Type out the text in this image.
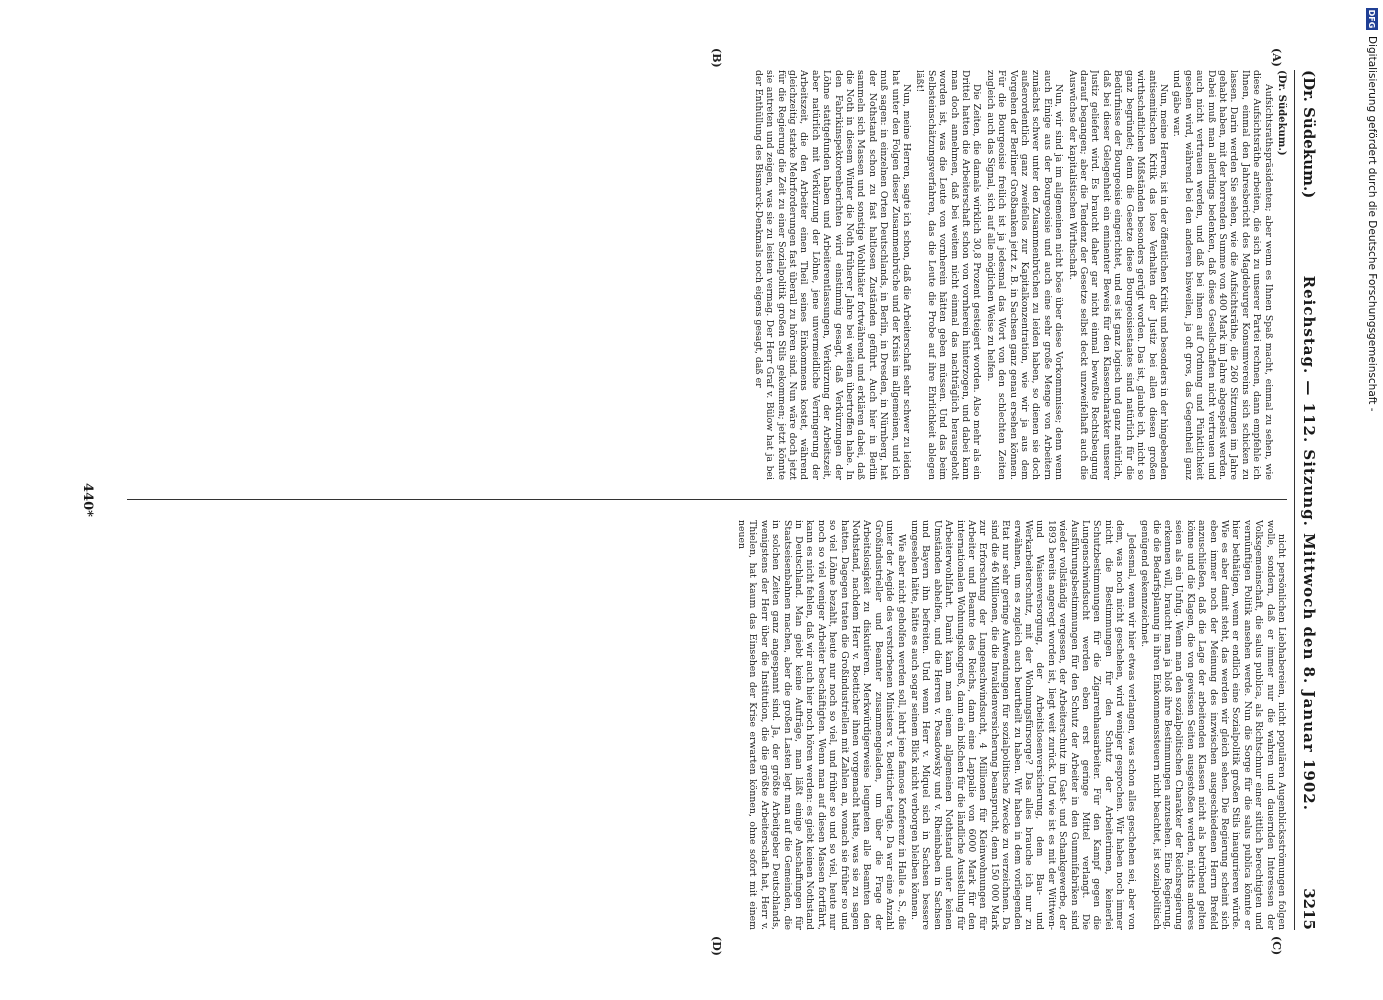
DFG
Digitalisierung gefördert durch die Deutsche Forschungsgemeinschaft -
(Dr. Südekum.)
Reichstag. — 112. Sitzung. Mittwoch den 8. Januar 1902.
3215
(A)
(B)
(C)
(D)
(Dr. Südekum.)

Aufsichtsrathspräsidenten; aber wenn es Ihnen Spaß macht, einmal zu sehen, wie diese Aufsichtsräthe arbeiten, die sich zu unserer Partei rechnen, dann empfehle ich Ihnen, einmal den Jahresbericht des Magdeburger Konsumvereins sich schicken zu lassen. Darin werden Sie sehen, wie die Aufsichtsräthe, die 260 Sitzungen im Jahre gehabt haben, mit der horrenden Summe von 400 Mark im Jahre abgespeist werden. Dabei muß man allerdings bedenken, daß diese Gesellschaften nicht vertrauen und auch nicht vertrauen werden, und daß bei ihnen auf Ordnung und Pünktlichkeit gesehen wird, während bei den anderen bisweilen, ja oft gros, das Gegentheil ganz und gäbe war.

Nun, meine Herren, ist in der öffentlichen Kritik und besonders in der hingebenden antisemitischen Kritik das lose Verhalten der Justiz bei allen diesen großen wirthschaftlichen Mißständen besonders gerügt worden. Das ist, glaube ich, nicht so ganz begründet; denn die Gesetze diese Bourgeoisiestaates sind natürlich für die Bedürfnisse der Bourgeoisie eingerichtet, und es ist ganz logisch und ganz natürlich, daß bei dieser Gelegenheit ein eminenter Beweis für den Klassencharakter unserer Justiz geliefert wird. Es braucht daher gar nicht einmal bewußte Rechtsbeugung darauf begangen; aber die Tendenz der Gesetze selbst deckt unzweifelhaft auch die Auswüchse der kapitalistischen Wirthschaft.

Nun, wir sind ja im allgemeinen nicht böse über diese Vorkommnisse; denn wenn auch Einige aus der Bourgeoisie und auch eine sehr große Menge von Arbeitern zunächst schwer unter den Zusammenbrüchen zu leiden haben, so dienen sie doch außerordentlich ganz zweifellos zur Kapitalkonzentration, wie wir ja aus dem Vorgehen der Berliner Großbanken jetzt z. B. in Sachsen ganz genau ersehen können. Für die Bourgeoisie freilich ist ja jedesmal das Wort von den schlechten Zeiten zugleich auch das Signal, sich auf alle möglichen Weise zu helfen.

Die Zeiten, die damals wirklich 30,8 Prozent gesteigert worden. Also mehr als ein Drittel hatten die Arbeiterschaft schon von vornherein hinterzogen, und dabei kann man doch annehmen, daß bei weitem nicht einmal das nachträglich herausgeholt worden ist, was die Leute von vornherein hätten geben müssen. Und das beim Selbsteinschätzungsverfahren, das die Leute die Probe auf ihre Ehrlichkeit ablegen läßt!

Nun, meine Herren, sagte ich schon, daß die Arbeiterschaft sehr schwer zu leiden hat unter den Folgen dieser Zusammenbrüche und der Krisis im allgemeinen, und ich muß sagen: in einzelnen Orten Deutschlands, in Berlin, in Dresden, in Nürnberg, hat der Nothstand schon zu fast haltlosen Zuständen geführt. Auch hier in Berlin sammeln sich Massen und sonstige Wohlthäter fortwährend und erklären dabei, daß die Noth in diesem Winter die Noth früherer Jahre bei weitem übertroffen habe. In den Fabrikinspektorenberichten wird einstimmig gesagt, daß Verkürzungen der Löhne stattgefunden haben und Arbeiterentlassungen, Verkürzung der Arbeitszeit, aber natürlich mit Verkürzung der Löhne, jene unvermeidliche Verringerung der Arbeitszeit, die den Arbeiter einen Theil seines Einkommens kostet, während gleichzeitig starke Mehrforderungen fast überall zu hören sind. Nun wäre doch jetzt für die Regierung die Zeit zu einer Sozialpolitik großen Stils gekommen; jetzt könnte sie antreten und zeigen, was sie zu leisten vermag. Der Herr Graf v. Bülow hat ja bei der Enthüllung des Bismarck-Denkmals noch eigens gesagt, daß er

nicht persönlichen Liebhabereien, nicht populären Augenblicksströmungen folgen wolle, sondern, daß er immer nur die wahren und dauernden Interessen der Volksgemeinschaft, die salus publica, als Richtschnur einer sittlich berechtigten und vernünftigen Politik ansehen werde. Nun die Sorge für die salus publica könnte er hier bethätigen, wenn er endlich eine Sozialpolitik großen Stils inaugurieren würde. Wie es aber damit steht, das werden wir gleich sehen. Die Regierung scheint sich eben immer noch der Meinung des inzwischen ausgeschiedenen Herrn Brefeld anzuschließen, daß die Lage der arbeitenden Klassen nicht als betrübend gelten könne und die Klagen, die von gewissen Seiten ausgestoßen werden, nichts anderes seien als ein Unfug. Wenn man den sozialpolitischen Charakter der Reichsregierung erkennen will, braucht man ja bloß ihre Bestimmungen anzusehen. Eine Regierung, die die Bedarfsplanung in ihren Einkommenssteuern nicht beachtet, ist sozialpolitisch genügend gekennzeichnet.

Jedesmal, wenn wir hier etwas verlangen, was schon alles geschehen sei, aber von dem, was noch nicht geschehen, wird weniger gesprochen. Wir haben noch immer nicht die Bestimmungen für den Schutz der Arbeiterinnen, keinerlei Schutzbestimmungen für die Zigarrenhausarbeiter. Für den Kampf gegen die Lungenschwindsucht werden eben erst geringe Mittel verlangt. Die Ausführungsbestimmungen für den Schutz der Arbeiter in den Gummifabriken sind wieder vollständig vergessen, der Arbeiterschutz im Gast- und Schankgewerbe, der 1893 bereits angeregt worden ist, liegt weit zurück. Und wie ist es mit der Wittwen- und Waisenversorgung, der Arbeitslosenversicherung, dem Bau- und Werkarbeiterschutz, mit der Wohnungsfürsorge? Das alles brauche ich nur zu erwähnen, um es zugleich auch beurtheilt zu haben. Wir haben in dem vorliegenden Etat nur sehr geringe Aufwendungen für sozialpolitische Zwecke zu verzeichnen. Da sind die 46 Millionen, die die Invalidenversicherung beansprucht, denn 150 000 Mark zur Erforschung der Lungenschwindsucht, 4 Millionen für Kleinwohnungen für Arbeiter und Beamte des Reichs, dann eine Lappalie von 6000 Mark für den internationalen Wohnungskongreß, dann ein bißchen für die ländliche Ausstellung für Arbeiterwohlfahrt. Damit kann man einem allgemeinen Nothstand unter keinen Umständen abhelfen, und die Herren v. Posadowsky und v. Rheinbaben in Sachsen und Bayern ihn befreiten. Und wenn Herr v. Miquel sich in Sachsen bessere umgesehen hätte, hätte es auch sogar seinem Blick nicht verborgen bleiben können.

Wie aber nicht geholfen werden soll, lehrt jene famose Konferenz in Halle a. S., die unter der Aegide des verstorbenen Ministers v. Boetticher tagte. Da war eine Anzahl Großindustrieller und Beamter zusammengeladen, um über die Frage der Arbeitslosigkeit zu diskutieren. Merkwürdigerweise leugneten alle Beamten den Nothstand, nachdem Herr v. Boetticher ihnen vorgemacht hatte, was sie zu sagen hatten. Dagegen traten die Großindustriellen mit Zahlen an, wonach sie früher so und so viel Löhne bezahlt, heute nur noch so viel, und früher so und so viel, heute nur noch so viel weniger Arbeiter beschäftigten. Wenn man auf diesen Massen fortfährt, kann es nicht fehlen, daß wir auch hier noch hören werden: es giebt keinen Nothstand in Deutschland. Man giebt keine Aufträge, man läßt einige Anschaffungen für Staatseisenbahnen machen, aber die großen Lasten legt man auf die Gemeinden, die in solchen Zeiten ganz angespannt sind. Ja, der größte Arbeitgeber Deutschlands, wenigstens der Herr über die Institution, die die größte Arbeiterschaft hat, Herr v. Thielen, hat kaum das Einsehen der Krise erwarten können, ohne sofort mit einem neuen

440*
